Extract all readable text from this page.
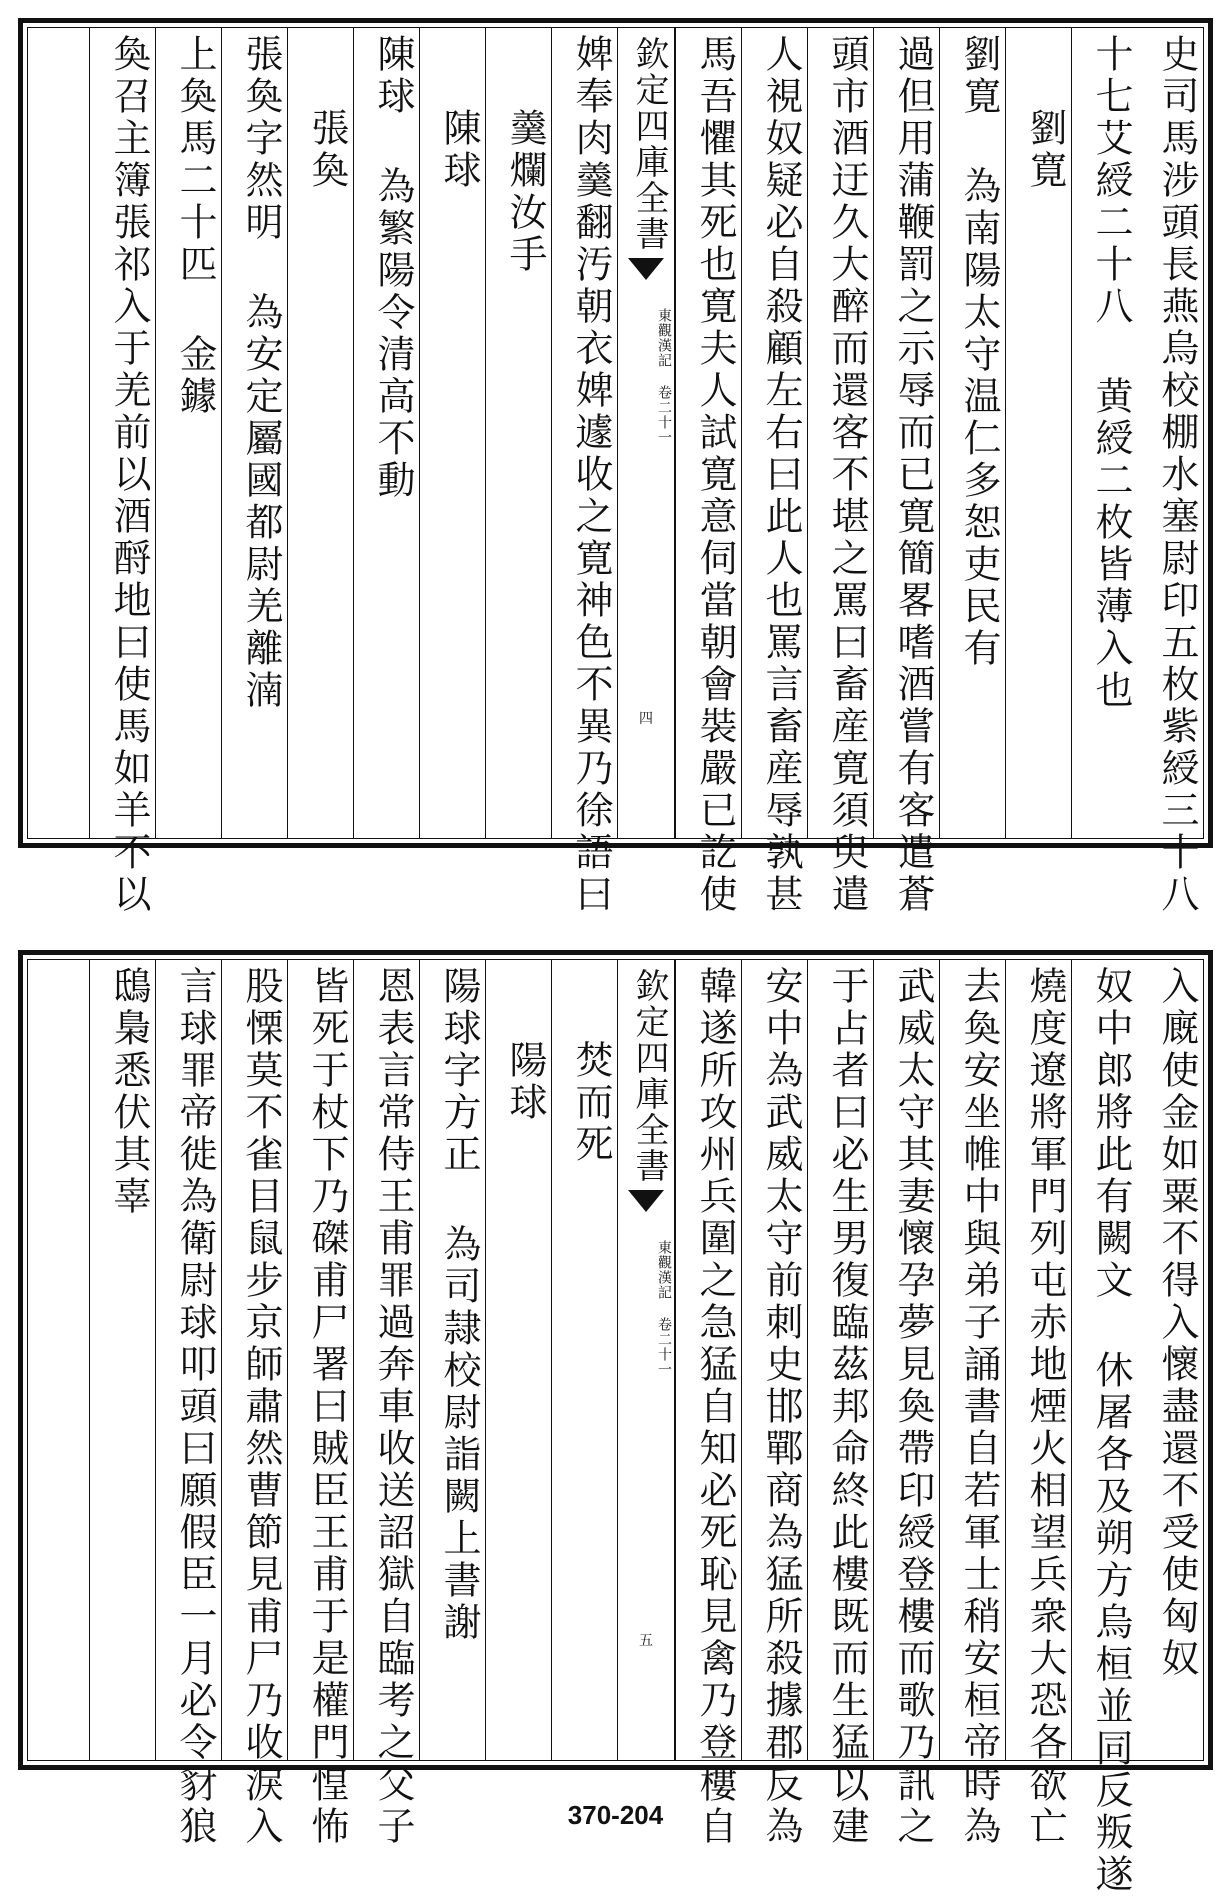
史司馬涉頭長燕烏校棚水塞尉印五枚紫綬三十八
十七艾綬二十八 黄綬二枚皆薄入也
劉寛
劉寛 為南陽太守温仁多恕吏民有
過但用蒲鞭罰之示辱而已寛簡畧嗜酒嘗有客遣蒼
頭市酒迂久大醉而還客不堪之罵曰畜産寛須臾遣
人視奴疑必自殺顧左右曰此人也罵言畜産辱孰甚
馬吾懼其死也寛夫人試寛意伺當朝會裝嚴已訖使
欽定四庫全書
東觀漢記 卷二十一
四
婢奉肉羹翻汚朝衣婢遽收之寛神色不異乃徐語曰
羹爛汝手
陳球
陳球 為繁陽令清高不動
張奐
張奐字然明 為安定屬國都尉羌離湳
上奐馬二十匹 金鐻
奐召主簿張祁入于羌前以酒酹地曰使馬如羊不以
入廐使金如粟不得入懷盡還不受使匈奴
奴中郎將此有闕文 休屠各及朔方烏桓並同反叛遂
燒度遼將軍門列屯赤地煙火相望兵衆大恐各欲亡
去奐安坐帷中與弟子誦書自若軍士稍安桓帝時為
武威太守其妻懷孕夢見奐帶印綬登樓而歌乃訊之
于占者曰必生男復臨茲邦命終此樓既而生猛以建
安中為武威太守前刺史邯鄲商為猛所殺據郡反為
韓遂所攻州兵圍之急猛自知必死恥見禽乃登樓自
欽定四庫全書
東觀漢記 卷二十一
五
焚而死
陽球
陽球字方正 為司隷校尉詣闕上書謝
恩表言常侍王甫罪過奔車收送詔獄自臨考之父子
皆死于杖下乃磔甫尸署曰賊臣王甫于是權門惶怖
股慄莫不雀目鼠步京師肅然曹節見甫尸乃收淚入
言球罪帝徙為衛尉球叩頭曰願假臣一月必令豺狼
鴟梟悉伏其辜
370-204
